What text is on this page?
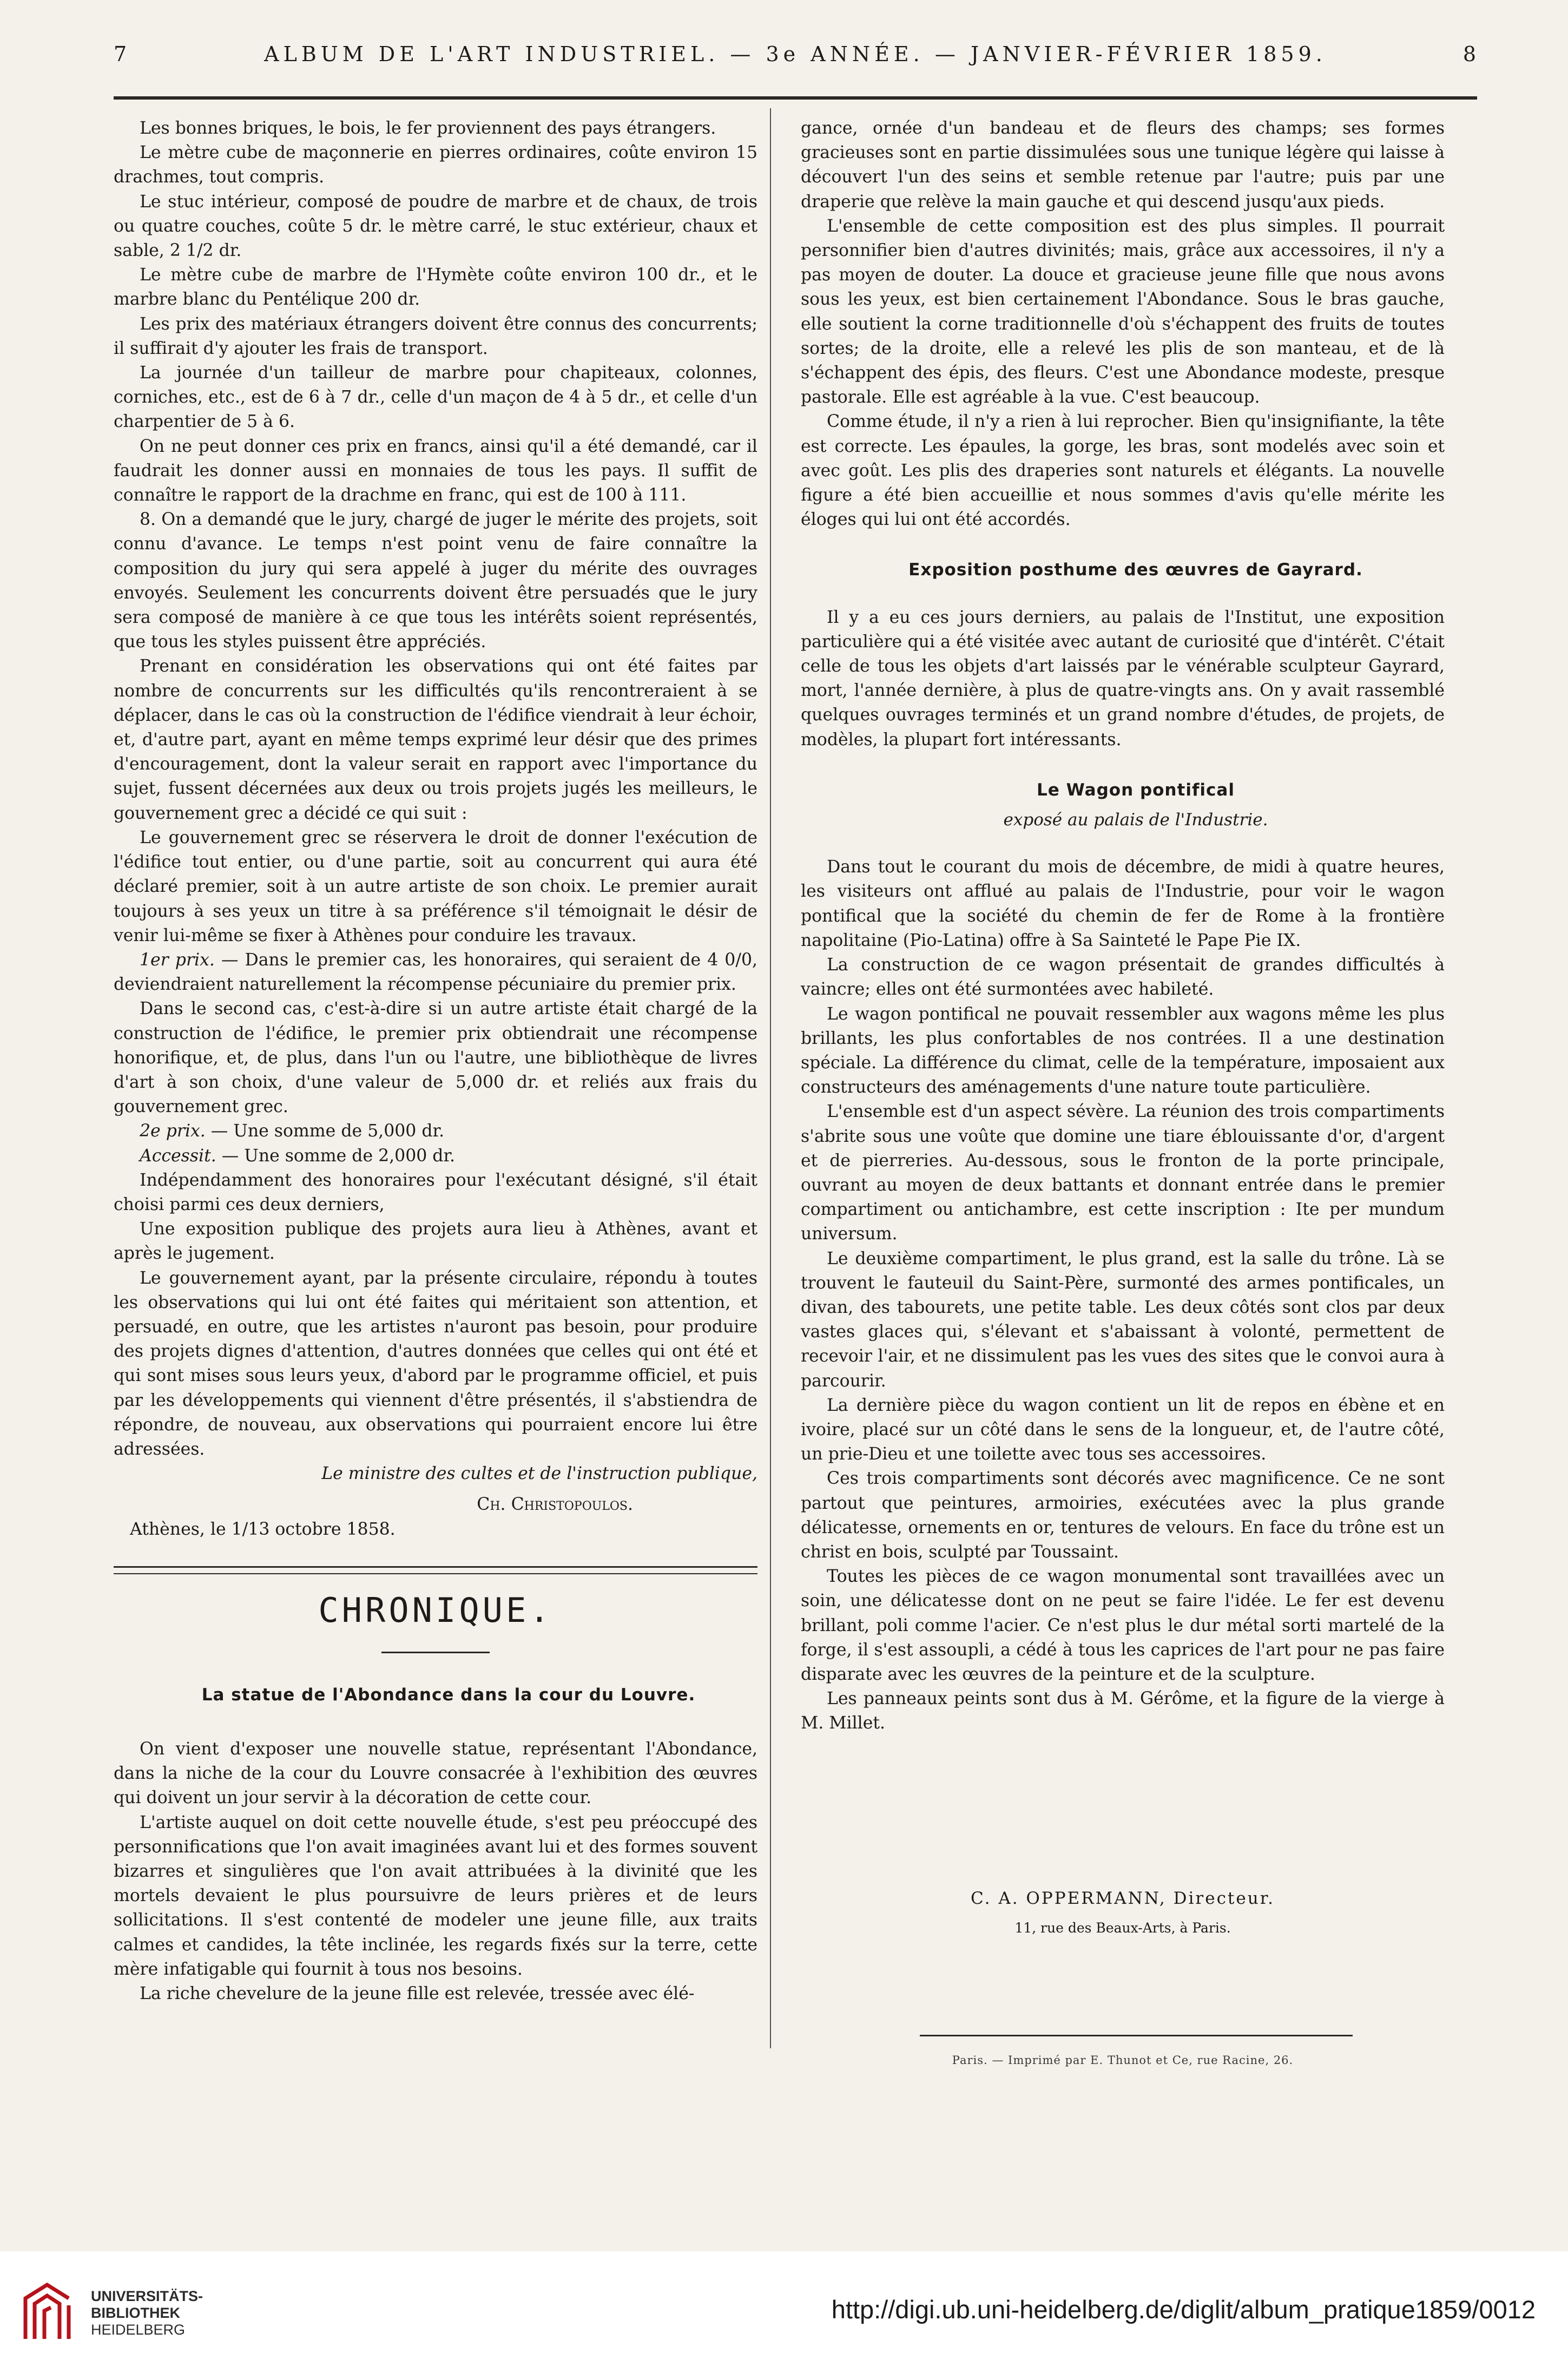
7	ALBUM DE L'ART INDUSTRIEL. — 3e ANNÉE. — JANVIER-FÉVRIER 1859.	8

Les bonnes briques, le bois, le fer proviennent des pays étrangers.

Le mètre cube de maçonnerie en pierres ordinaires, coûte environ 15 drachmes, tout compris.

Le stuc intérieur, composé de poudre de marbre et de chaux, de trois ou quatre couches, coûte 5 dr. le mètre carré, le stuc extérieur, chaux et sable, 2 1/2 dr.

Le mètre cube de marbre de l'Hymète coûte environ 100 dr., et le marbre blanc du Pentélique 200 dr.

Les prix des matériaux étrangers doivent être connus des concurrents; il suffirait d'y ajouter les frais de transport.

La journée d'un tailleur de marbre pour chapiteaux, colonnes, corniches, etc., est de 6 à 7 dr., celle d'un maçon de 4 à 5 dr., et celle d'un charpentier de 5 à 6.

On ne peut donner ces prix en francs, ainsi qu'il a été demandé, car il faudrait les donner aussi en monnaies de tous les pays. Il suffit de connaître le rapport de la drachme en franc, qui est de 100 à 111.

8. On a demandé que le jury, chargé de juger le mérite des projets, soit connu d'avance. Le temps n'est point venu de faire connaître la composition du jury qui sera appelé à juger du mérite des ouvrages envoyés. Seulement les concurrents doivent être persuadés que le jury sera composé de manière à ce que tous les intérêts soient représentés, que tous les styles puissent être appréciés.

Prenant en considération les observations qui ont été faites par nombre de concurrents sur les difficultés qu'ils rencontreraient à se déplacer, dans le cas où la construction de l'édifice viendrait à leur échoir, et, d'autre part, ayant en même temps exprimé leur désir que des primes d'encouragement, dont la valeur serait en rapport avec l'importance du sujet, fussent décernées aux deux ou trois projets jugés les meilleurs, le gouvernement grec a décidé ce qui suit :

Le gouvernement grec se réservera le droit de donner l'exécution de l'édifice tout entier, ou d'une partie, soit au concurrent qui aura été déclaré premier, soit à un autre artiste de son choix. Le premier aurait toujours à ses yeux un titre à sa préférence s'il témoignait le désir de venir lui-même se fixer à Athènes pour conduire les travaux.

1er prix. — Dans le premier cas, les honoraires, qui seraient de 4 0/0, deviendraient naturellement la récompense pécuniaire du premier prix.

Dans le second cas, c'est-à-dire si un autre artiste était chargé de la construction de l'édifice, le premier prix obtiendrait une récompense honorifique, et, de plus, dans l'un ou l'autre, une bibliothèque de livres d'art à son choix, d'une valeur de 5,000 dr. et reliés aux frais du gouvernement grec.

2e prix. — Une somme de 5,000 dr.

Accessit. — Une somme de 2,000 dr.

Indépendamment des honoraires pour l'exécutant désigné, s'il était choisi parmi ces deux derniers,

Une exposition publique des projets aura lieu à Athènes, avant et après le jugement.

Le gouvernement ayant, par la présente circulaire, répondu à toutes les observations qui lui ont été faites qui méritaient son attention, et persuadé, en outre, que les artistes n'auront pas besoin, pour produire des projets dignes d'attention, d'autres données que celles qui ont été et qui sont mises sous leurs yeux, d'abord par le programme officiel, et puis par les développements qui viennent d'être présentés, il s'abstiendra de répondre, de nouveau, aux observations qui pourraient encore lui être adressées.

Le ministre des cultes et de l'instruction publique,

Ch. Christopoulos.

Athènes, le 1/13 octobre 1858.

CHRONIQUE.

La statue de l'Abondance dans la cour du Louvre.

On vient d'exposer une nouvelle statue, représentant l'Abondance, dans la niche de la cour du Louvre consacrée à l'exhibition des œuvres qui doivent un jour servir à la décoration de cette cour.

L'artiste auquel on doit cette nouvelle étude, s'est peu préoccupé des personnifications que l'on avait imaginées avant lui et des formes souvent bizarres et singulières que l'on avait attribuées à la divinité que les mortels devaient le plus poursuivre de leurs prières et de leurs sollicitations. Il s'est contenté de modeler une jeune fille, aux traits calmes et candides, la tête inclinée, les regards fixés sur la terre, cette mère infatigable qui fournit à tous nos besoins.

La riche chevelure de la jeune fille est relevée, tressée avec élé-

gance, ornée d'un bandeau et de fleurs des champs; ses formes gracieuses sont en partie dissimulées sous une tunique légère qui laisse à découvert l'un des seins et semble retenue par l'autre; puis par une draperie que relève la main gauche et qui descend jusqu'aux pieds.

L'ensemble de cette composition est des plus simples. Il pourrait personnifier bien d'autres divinités; mais, grâce aux accessoires, il n'y a pas moyen de douter. La douce et gracieuse jeune fille que nous avons sous les yeux, est bien certainement l'Abondance. Sous le bras gauche, elle soutient la corne traditionnelle d'où s'échappent des fruits de toutes sortes; de la droite, elle a relevé les plis de son manteau, et de là s'échappent des épis, des fleurs. C'est une Abondance modeste, presque pastorale. Elle est agréable à la vue. C'est beaucoup.

Comme étude, il n'y a rien à lui reprocher. Bien qu'insignifiante, la tête est correcte. Les épaules, la gorge, les bras, sont modelés avec soin et avec goût. Les plis des draperies sont naturels et élégants. La nouvelle figure a été bien accueillie et nous sommes d'avis qu'elle mérite les éloges qui lui ont été accordés.

Exposition posthume des œuvres de Gayrard.

Il y a eu ces jours derniers, au palais de l'Institut, une exposition particulière qui a été visitée avec autant de curiosité que d'intérêt. C'était celle de tous les objets d'art laissés par le vénérable sculpteur Gayrard, mort, l'année dernière, à plus de quatre-vingts ans. On y avait rassemblé quelques ouvrages terminés et un grand nombre d'études, de projets, de modèles, la plupart fort intéressants.

Le Wagon pontifical

exposé au palais de l'Industrie.

Dans tout le courant du mois de décembre, de midi à quatre heures, les visiteurs ont afflué au palais de l'Industrie, pour voir le wagon pontifical que la société du chemin de fer de Rome à la frontière napolitaine (Pio-Latina) offre à Sa Sainteté le Pape Pie IX.

La construction de ce wagon présentait de grandes difficultés à vaincre; elles ont été surmontées avec habileté.

Le wagon pontifical ne pouvait ressembler aux wagons même les plus brillants, les plus confortables de nos contrées. Il a une destination spéciale. La différence du climat, celle de la température, imposaient aux constructeurs des aménagements d'une nature toute particulière.

L'ensemble est d'un aspect sévère. La réunion des trois compartiments s'abrite sous une voûte que domine une tiare éblouissante d'or, d'argent et de pierreries. Au-dessous, sous le fronton de la porte principale, ouvrant au moyen de deux battants et donnant entrée dans le premier compartiment ou antichambre, est cette inscription : Ite per mundum universum.

Le deuxième compartiment, le plus grand, est la salle du trône. Là se trouvent le fauteuil du Saint-Père, surmonté des armes pontificales, un divan, des tabourets, une petite table. Les deux côtés sont clos par deux vastes glaces qui, s'élevant et s'abaissant à volonté, permettent de recevoir l'air, et ne dissimulent pas les vues des sites que le convoi aura à parcourir.

La dernière pièce du wagon contient un lit de repos en ébène et en ivoire, placé sur un côté dans le sens de la longueur, et, de l'autre côté, un prie-Dieu et une toilette avec tous ses accessoires.

Ces trois compartiments sont décorés avec magnificence. Ce ne sont partout que peintures, armoiries, exécutées avec la plus grande délicatesse, ornements en or, tentures de velours. En face du trône est un christ en bois, sculpté par Toussaint.

Toutes les pièces de ce wagon monumental sont travaillées avec un soin, une délicatesse dont on ne peut se faire l'idée. Le fer est devenu brillant, poli comme l'acier. Ce n'est plus le dur métal sorti martelé de la forge, il s'est assoupli, a cédé à tous les caprices de l'art pour ne pas faire disparate avec les œuvres de la peinture et de la sculpture.

Les panneaux peints sont dus à M. Gérôme, et la figure de la vierge à M. Millet.

C. A. OPPERMANN, Directeur.
11, rue des Beaux-Arts, à Paris.
Paris. — Imprimé par E. Thunot et Ce, rue Racine, 26.
UNIVERSITÄTS-
BIBLIOTHEK
HEIDELBERG
http://digi.ub.uni-heidelberg.de/diglit/album_pratique1859/0012
